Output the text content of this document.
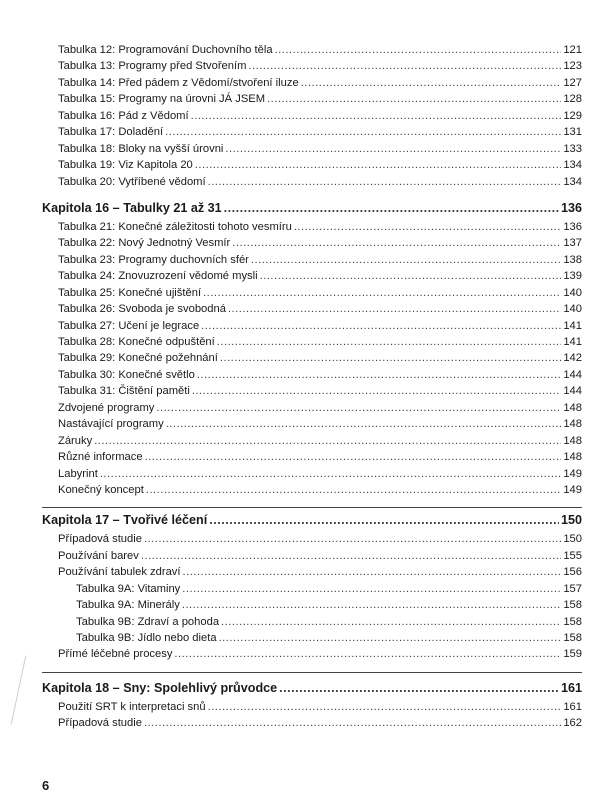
Tabulka 12: Programování Duchovního těla .....	121
Tabulka 13: Programy před Stvořením .....	123
Tabulka 14: Před pádem z Vědomí/stvoření iluze .....	127
Tabulka 15: Programy na úrovni JÁ JSEM .....	128
Tabulka 16: Pád z Vědomí .....	129
Tabulka 17: Doladění .....	131
Tabulka 18: Bloky na vyšší úrovni .....	133
Tabulka 19: Viz Kapitola 20 .....	134
Tabulka 20: Vytříbené vědomí .....	134
Kapitola 16 – Tabulky 21 až 31 .....	136
Tabulka 21: Konečné záležitosti tohoto vesmíru .....	136
Tabulka 22: Nový Jednotný Vesmír .....	137
Tabulka 23: Programy duchovních sfér .....	138
Tabulka 24: Znovuzrození vědomé mysli .....	139
Tabulka 25: Konečné ujištění .....	140
Tabulka 26: Svoboda je svobodná .....	140
Tabulka 27: Učení je legrace .....	141
Tabulka 28: Konečné odpuštění .....	141
Tabulka 29: Konečné požehnání .....	142
Tabulka 30: Konečné světlo .....	144
Tabulka 31: Čištění paměti .....	144
Zdvojené programy .....	148
Nastávající programy .....	148
Záruky .....	148
Různé informace .....	148
Labyrint .....	149
Konečný koncept .....	149
Kapitola 17 – Tvořivé léčení .....	150
Případová studie .....	150
Používání barev .....	155
Používání tabulek zdraví .....	156
Tabulka 9A: Vitaminy .....	157
Tabulka 9A: Minerály .....	158
Tabulka 9B: Zdraví a pohoda .....	158
Tabulka 9B: Jídlo nebo dieta .....	158
Přímé léčebné procesy .....	159
Kapitola 18 – Sny: Spolehlivý průvodce .....	161
Použití SRT k interpretaci snů .....	161
Případová studie .....	162
6
